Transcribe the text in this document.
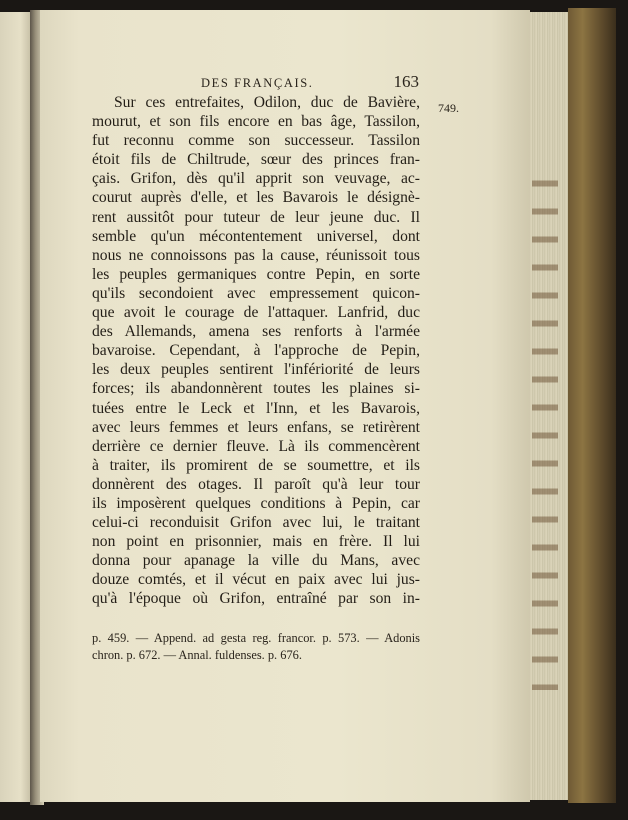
DES FRANÇAIS.	163
749.
Sur ces entrefaites, Odilon, duc de Bavière,
mourut, et son fils encore en bas âge, Tassilon,
fut reconnu comme son successeur. Tassilon
étoit fils de Chiltrude, sœur des princes fran-
çais. Grifon, dès qu'il apprit son veuvage, ac-
courut auprès d'elle, et les Bavarois le désignè-
rent aussitôt pour tuteur de leur jeune duc. Il
semble qu'un mécontentement universel, dont
nous ne connoissons pas la cause, réunissoit tous
les peuples germaniques contre Pepin, en sorte
qu'ils secondoient avec empressement quicon-
que avoit le courage de l'attaquer. Lanfrid, duc
des Allemands, amena ses renforts à l'armée
bavaroise. Cependant, à l'approche de Pepin,
les deux peuples sentirent l'infériorité de leurs
forces; ils abandonnèrent toutes les plaines si-
tuées entre le Leck et l'Inn, et les Bavarois,
avec leurs femmes et leurs enfans, se retirèrent
derrière ce dernier fleuve. Là ils commencèrent
à traiter, ils promirent de se soumettre, et ils
donnèrent des otages. Il paroît qu'à leur tour
ils imposèrent quelques conditions à Pepin, car
celui-ci reconduisit Grifon avec lui, le traitant
non point en prisonnier, mais en frère. Il lui
donna pour apanage la ville du Mans, avec
douze comtés, et il vécut en paix avec lui jus-
qu'à l'époque où Grifon, entraîné par son in-
p. 459. — Append. ad gesta reg. francor. p. 573. — Adonis
chron. p. 672. — Annal. fuldenses. p. 676.
